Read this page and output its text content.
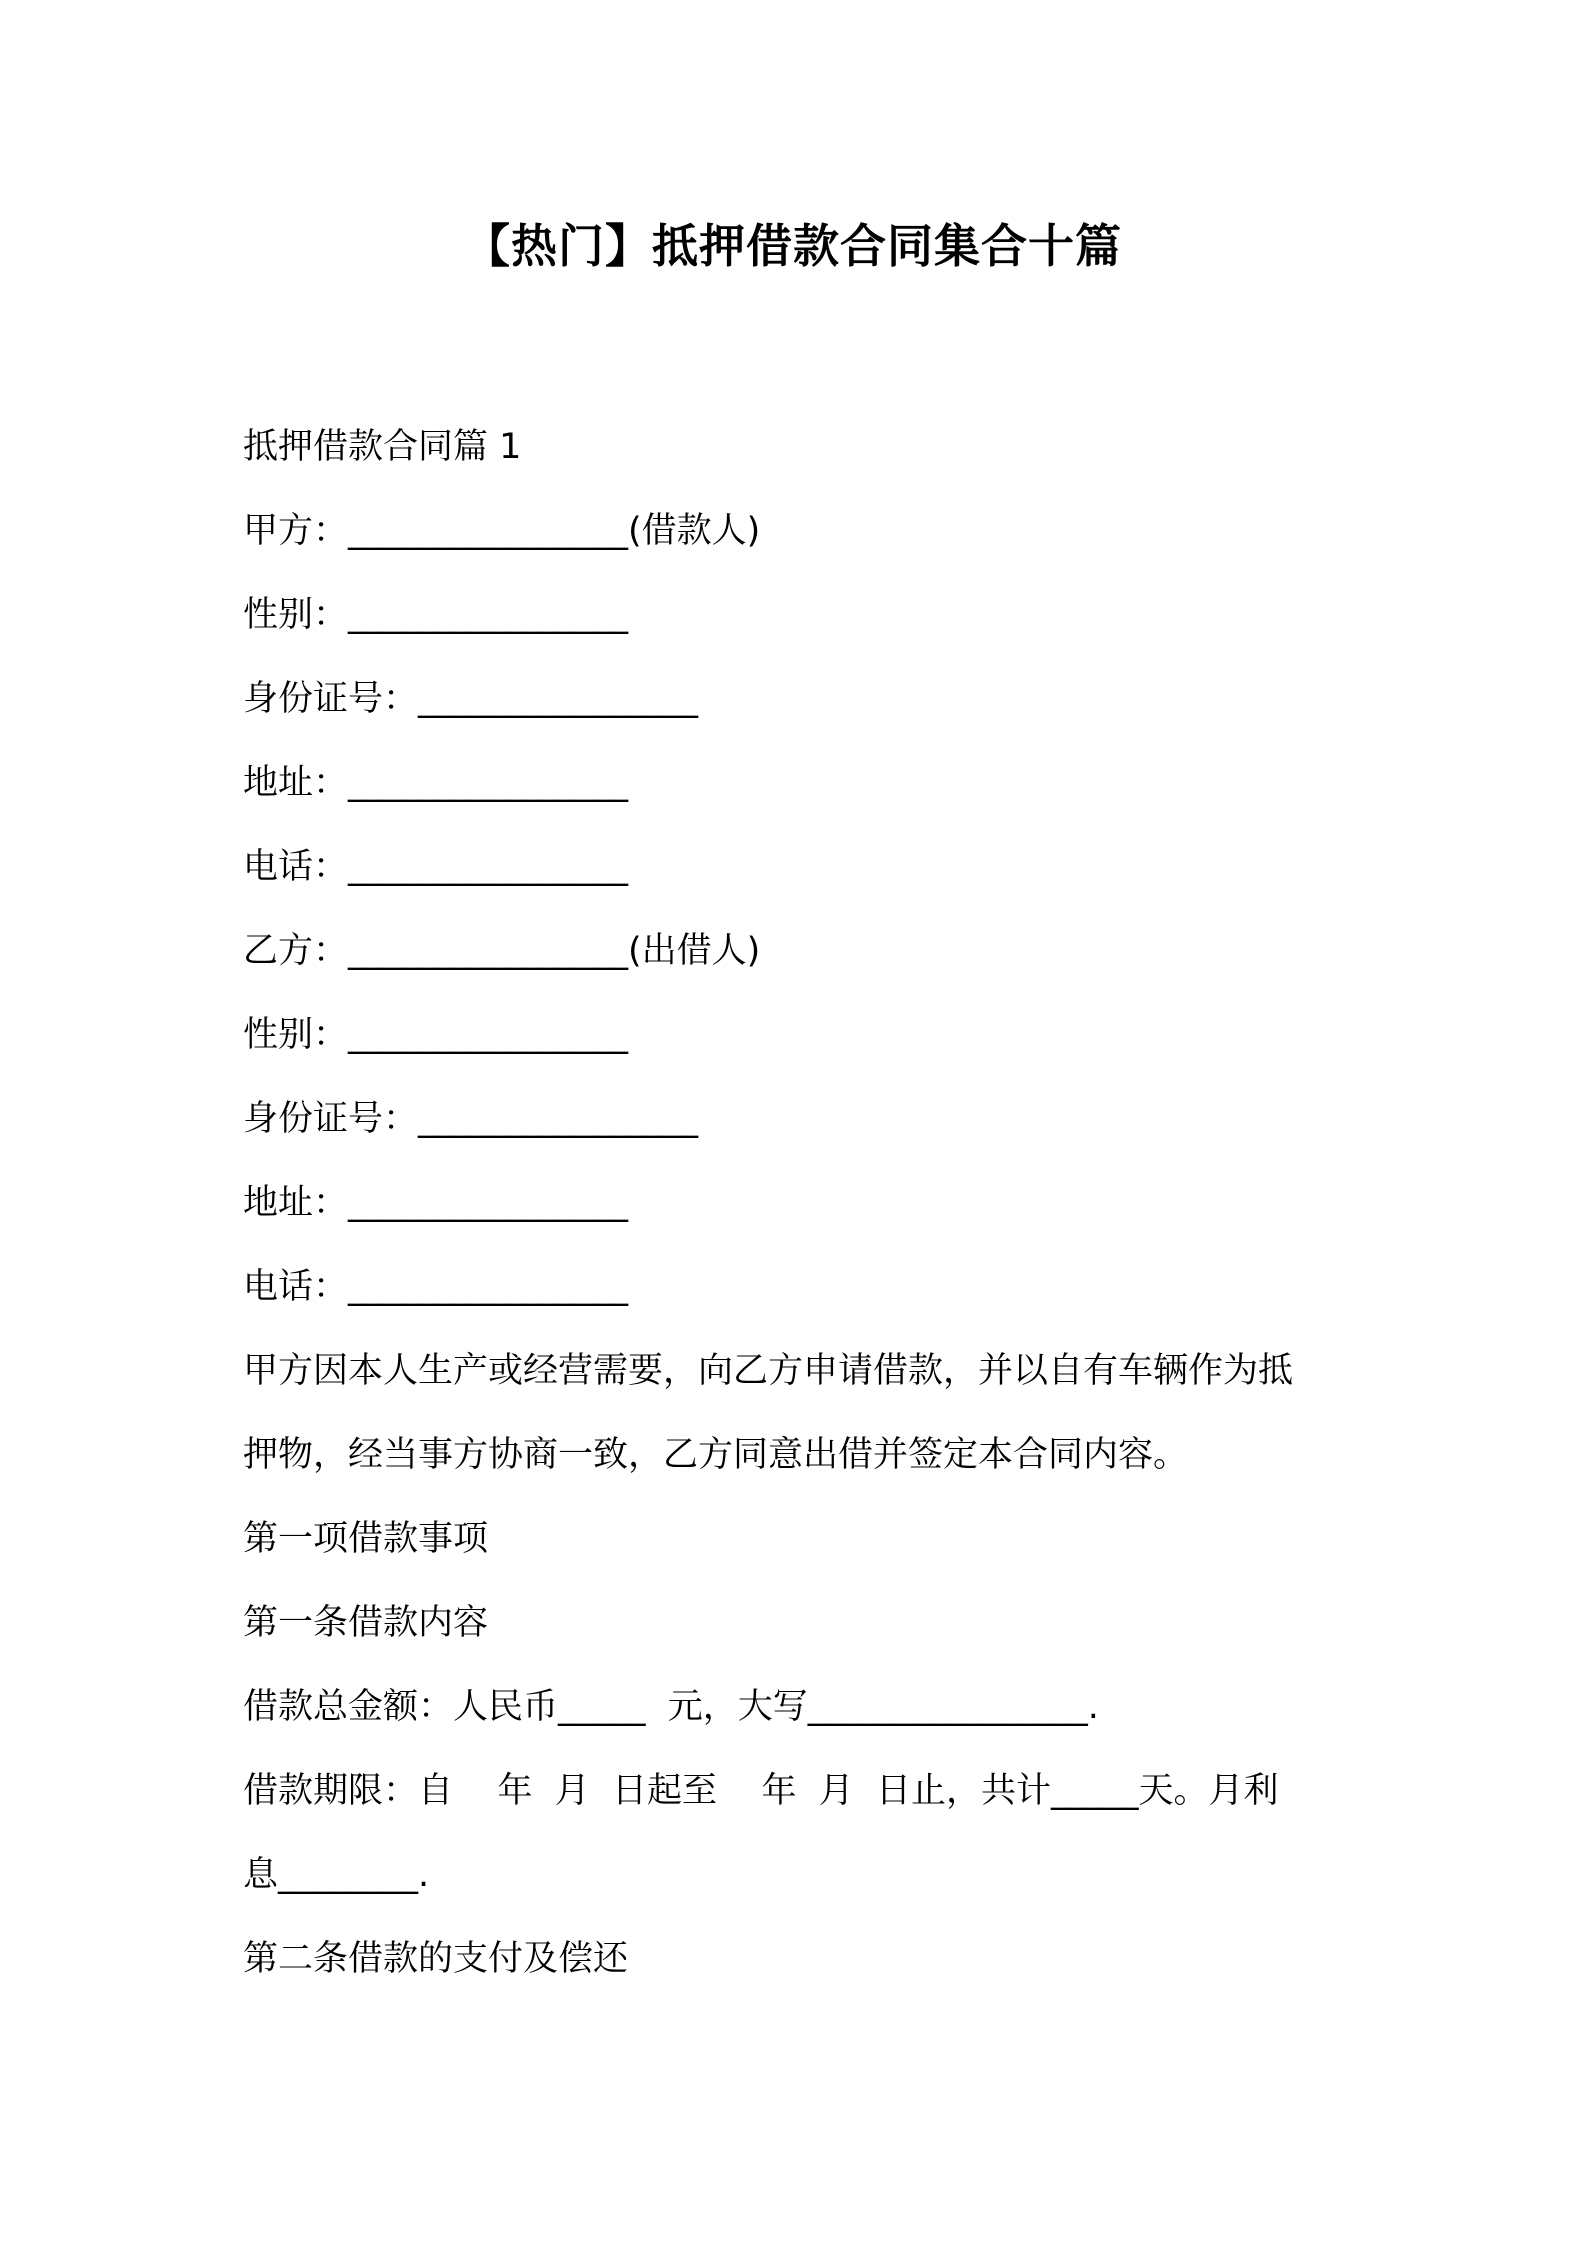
【热门】抵押借款合同集合十篇

抵押借款合同篇 1

甲方：________________(借款人)

性别：________________

身份证号：________________

地址：________________

电话：________________

乙方：________________(出借人)

性别：________________

身份证号：________________

地址：________________

电话：________________

甲方因本人生产或经营需要，向乙方申请借款，并以自有车辆作为抵

押物，经当事方协商一致，乙方同意出借并签定本合同内容。

第一项借款事项

第一条借款内容

借款总金额：人民币_____  元，大写________________.

借款期限：自    年  月  日起至    年  月  日止，共计_____天。月利

息________.

第二条借款的支付及偿还
